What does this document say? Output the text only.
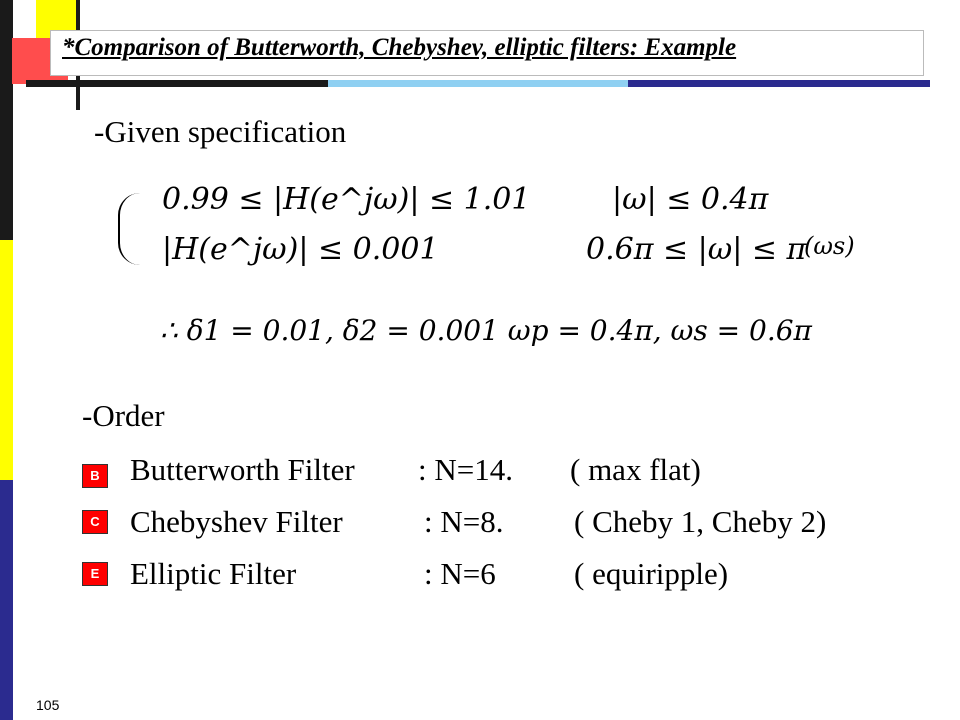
*Comparison of Butterworth, Chebyshev, elliptic filters: Example
-Given specification
0.99 ≤ |H(e^jω)| ≤ 1.01	|ω| ≤ 0.4π
|H(e^jω)| ≤ 0.001	0.6π ≤ |ω| ≤ π
(ωs)
∴ δ1 = 0.01, δ2 = 0.001 ωp = 0.4π, ωs = 0.6π
-Order
B Butterworth Filter : N=14. ( max flat)
C Chebyshev Filter	: N=8. ( Cheby 1, Cheby 2)
E Elliptic Filter	: N=6	( equiripple)
105
